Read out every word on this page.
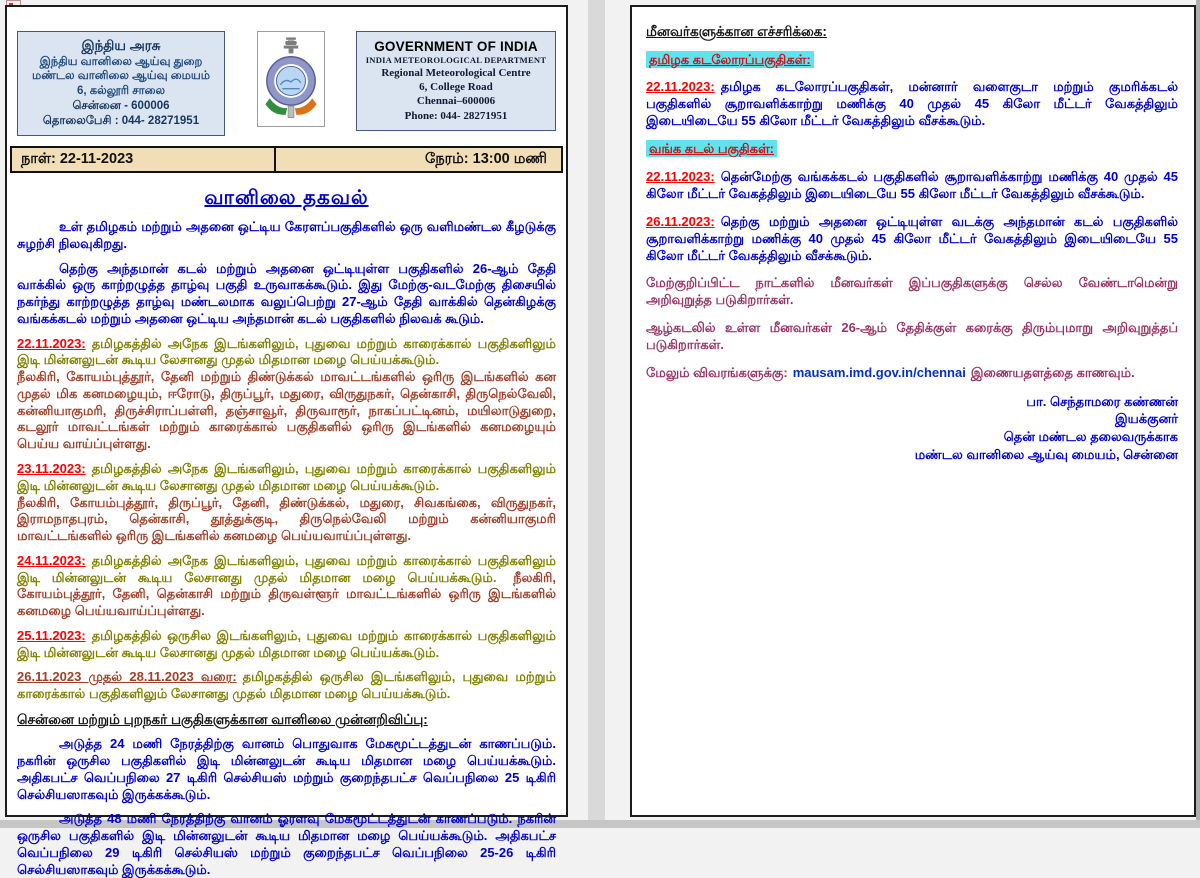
இந்திய அரசு
இந்திய வானிலை ஆய்வு துறை
மண்டல வானிலை ஆய்வு மையம்
6, கல்லூரி சாலை
சென்னை - 600006
தொலைபேசி : 044- 28271951
GOVERNMENT OF INDIA
INDIA METEOROLOGICAL DEPARTMENT
Regional Meteorological Centre
6, College Road
Chennai–600006
Phone: 044- 28271951
நாள்: 22-11-2023	நேரம்: 13:00 மணி
வானிலை தகவல்

உள் தமிழகம் மற்றும் அதனை ஒட்டிய கேரளப்பகுதிகளில் ஒரு வளிமண்டல கீழடுக்கு சுழற்சி நிலவுகிறது.

தெற்கு அந்தமான் கடல் மற்றும் அதனை ஒட்டியுள்ள பகுதிகளில் 26-ஆம் தேதி வாக்கில் ஒரு காற்றழுத்த தாழ்வு பகுதி உருவாகக்கூடும். இது மேற்கு-வடமேற்கு திசையில் நகர்ந்து காற்றழுத்த தாழ்வு மண்டலமாக வலுப்பெற்று 27-ஆம் தேதி வாக்கில் தென்கிழக்கு வங்கக்கடல் மற்றும் அதனை ஒட்டிய அந்தமான் கடல் பகுதிகளில் நிலவக் கூடும்.

22.11.2023: தமிழகத்தில் அநேக இடங்களிலும், புதுவை மற்றும் காரைக்கால் பகுதிகளிலும் இடி மின்னலுடன் கூடிய லேசானது முதல் மிதமான மழை பெய்யக்கூடும்.
நீலகிரி, கோயம்புத்தூர், தேனி மற்றும் திண்டுக்கல் மாவட்டங்களில் ஒரிரு இடங்களில் கன முதல் மிக கனமழையும், ஈரோடு, திருப்பூர், மதுரை, விருதுநகர், தென்காசி, திருநெல்வேலி, கன்னியாகுமரி, திருச்சிராப்பள்ளி, தஞ்சாவூர், திருவாரூர், நாகப்பட்டினம், மயிலாடுதுறை, கடலூர் மாவட்டங்கள் மற்றும் காரைக்கால் பகுதிகளில் ஒரிரு இடங்களில் கனமழையும் பெய்ய வாய்ப்புள்ளது.

23.11.2023: தமிழகத்தில் அநேக இடங்களிலும், புதுவை மற்றும் காரைக்கால் பகுதிகளிலும் இடி மின்னலுடன் கூடிய லேசானது முதல் மிதமான மழை பெய்யக்கூடும்.
நீலகிரி, கோயம்புத்தூர், திருப்பூர், தேனி, திண்டுக்கல், மதுரை, சிவகங்கை, விருதுநகர், இராமநாதபுரம், தென்காசி, தூத்துக்குடி, திருநெல்வேலி மற்றும் கன்னியாகுமரி மாவட்டங்களில் ஒரிரு இடங்களில் கனமழை பெய்யவாய்ப்புள்ளது.

24.11.2023: தமிழகத்தில் அநேக இடங்களிலும், புதுவை மற்றும் காரைக்கால் பகுதிகளிலும் இடி மின்னலுடன் கூடிய லேசானது முதல் மிதமான மழை பெய்யக்கூடும். நீலகிரி, கோயம்புத்தூர், தேனி, தென்காசி மற்றும் திருவள்ளூர் மாவட்டங்களில் ஒரிரு இடங்களில் கனமழை பெய்யவாய்ப்புள்ளது.

25.11.2023: தமிழகத்தில் ஒருசில இடங்களிலும், புதுவை மற்றும் காரைக்கால் பகுதிகளிலும் இடி மின்னலுடன் கூடிய லேசானது முதல் மிதமான மழை பெய்யக்கூடும்.

26.11.2023 முதல் 28.11.2023 வரை: தமிழகத்தில் ஒருசில இடங்களிலும், புதுவை மற்றும் காரைக்கால் பகுதிகளிலும் லேசானது முதல் மிதமான மழை பெய்யக்கூடும்.

சென்னை மற்றும் புறநகர் பகுதிகளுக்கான வானிலை முன்னறிவிப்பு:

அடுத்த 24 மணி நேரத்திற்கு வானம் பொதுவாக மேகமூட்டத்துடன் காணப்படும். நகரின் ஒருசில பகுதிகளில் இடி மின்னலுடன் கூடிய மிதமான மழை பெய்யக்கூடும். அதிகபட்ச வெப்பநிலை 27 டிகிரி செல்சியஸ் மற்றும் குறைந்தபட்ச வெப்பநிலை 25 டிகிரி செல்சியஸாகவும் இருக்கக்கூடும்.

அடுத்த 48 மணி நேரத்திற்கு வானம் ஓரளவு மேகமூட்டத்துடன் காணப்படும். நகரின் ஒருசில பகுதிகளில் இடி மின்னலுடன் கூடிய மிதமான மழை பெய்யக்கூடும். அதிகபட்ச வெப்பநிலை 29 டிகிரி செல்சியஸ் மற்றும் குறைந்தபட்ச வெப்பநிலை 25-26 டிகிரி செல்சியஸாகவும் இருக்கக்கூடும்.

மீனவர்களுக்கான எச்சரிக்கை:

தமிழக கடலோரப்பகுதிகள்:

22.11.2023: தமிழக கடலோரப்பகுதிகள், மன்னார் வளைகுடா மற்றும் குமரிக்கடல் பகுதிகளில் சூறாவளிக்காற்று மணிக்கு 40 முதல் 45 கிலோ மீட்டர் வேகத்திலும் இடையிடையே 55 கிலோ மீட்டர் வேகத்திலும் வீசக்கூடும்.

வங்க கடல் பகுதிகள்:

22.11.2023: தென்மேற்கு வங்கக்கடல் பகுதிகளில் சூறாவளிக்காற்று மணிக்கு 40 முதல் 45 கிலோ மீட்டர் வேகத்திலும் இடையிடையே 55 கிலோ மீட்டர் வேகத்திலும் வீசக்கூடும்.

26.11.2023: தெற்கு மற்றும் அதனை ஒட்டியுள்ள வடக்கு அந்தமான் கடல் பகுதிகளில் சூறாவளிக்காற்று மணிக்கு 40 முதல் 45 கிலோ மீட்டர் வேகத்திலும் இடையிடையே 55 கிலோ மீட்டர் வேகத்திலும் வீசக்கூடும்.

மேற்குறிப்பிட்ட நாட்களில் மீனவர்கள் இப்பகுதிகளுக்கு செல்ல வேண்டாமென்று அறிவுறுத்த படுகிறார்கள்.

ஆழ்கடலில் உள்ள மீனவர்கள் 26-ஆம் தேதிக்குள் கரைக்கு திரும்புமாறு அறிவுறுத்தப் படுகிறார்கள்.

மேலும் விவரங்களுக்கு: mausam.imd.gov.in/chennai இணையதளத்தை காணவும்.

பா. செந்தாமரை கண்ணன்
இயக்குனர்
தென் மண்டல தலைவருக்காக
மண்டல வானிலை ஆய்வு மையம், சென்னை
